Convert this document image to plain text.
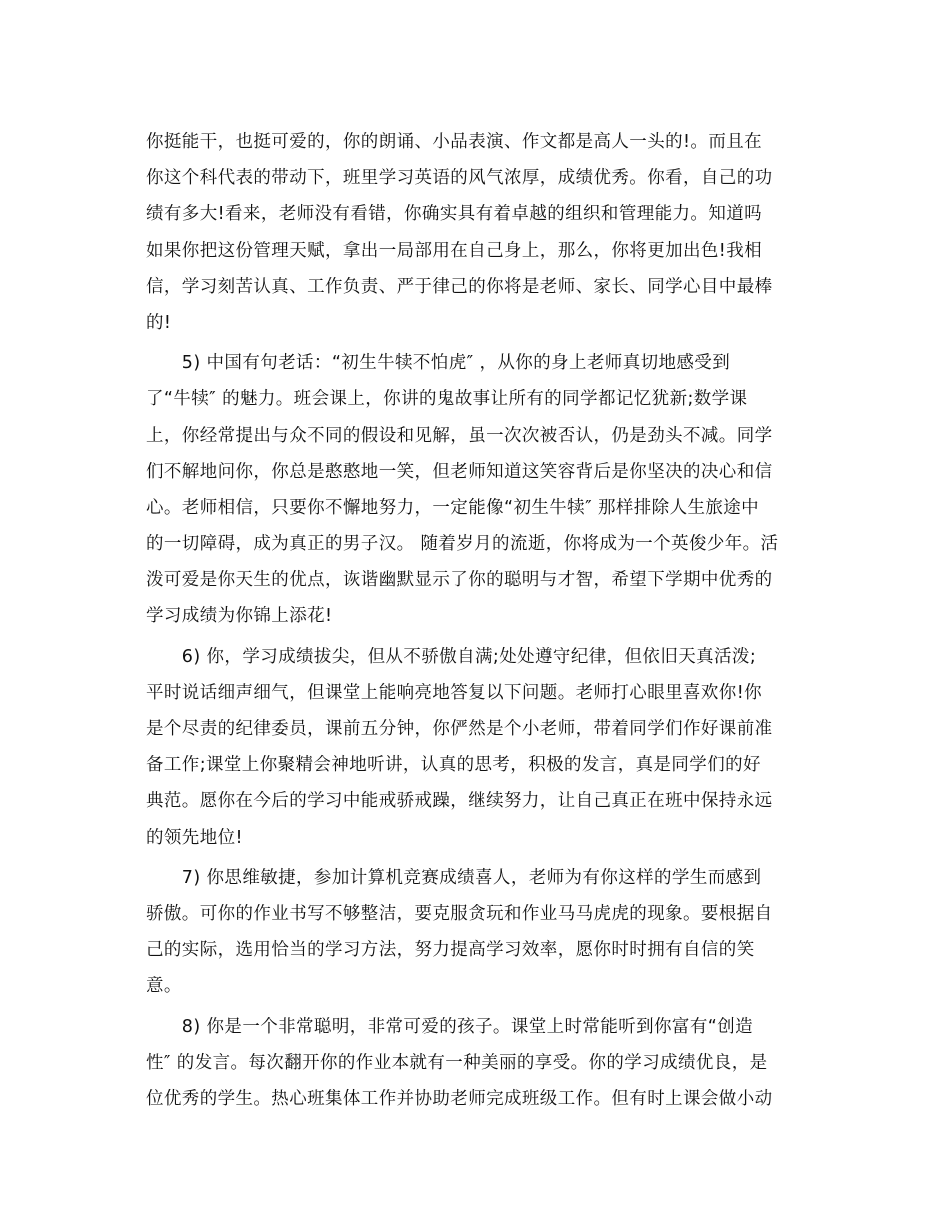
你挺能干，也挺可爱的，你的朗诵、小品表演、作文都是高人一头的!。而且在
你这个科代表的带动下，班里学习英语的风气浓厚，成绩优秀。你看，自己的功
绩有多大!看来，老师没有看错，你确实具有着卓越的组织和管理能力。知道吗
如果你把这份管理天赋，拿出一局部用在自己身上，那么，你将更加出色!我相
信，学习刻苦认真、工作负责、严于律己的你将是老师、家长、同学心目中最棒
的!
　　5) 中国有句老话：“初生牛犊不怕虎″ ，从你的身上老师真切地感受到
了“牛犊″ 的魅力。班会课上，你讲的鬼故事让所有的同学都记忆犹新;数学课
上，你经常提出与众不同的假设和见解，虽一次次被否认，仍是劲头不减。同学
们不解地问你，你总是憨憨地一笑，但老师知道这笑容背后是你坚决的决心和信
心。老师相信，只要你不懈地努力，一定能像“初生牛犊″ 那样排除人生旅途中
的一切障碍，成为真正的男子汉。 随着岁月的流逝，你将成为一个英俊少年。活
泼可爱是你天生的优点，诙谐幽默显示了你的聪明与才智，希望下学期中优秀的
学习成绩为你锦上添花!
　　6) 你，学习成绩拔尖，但从不骄傲自满;处处遵守纪律，但依旧天真活泼;
平时说话细声细气，但课堂上能响亮地答复以下问题。老师打心眼里喜欢你!你
是个尽责的纪律委员，课前五分钟，你俨然是个小老师，带着同学们作好课前准
备工作;课堂上你聚精会神地听讲，认真的思考，积极的发言，真是同学们的好
典范。愿你在今后的学习中能戒骄戒躁，继续努力，让自己真正在班中保持永远
的领先地位!
　　7) 你思维敏捷，参加计算机竞赛成绩喜人，老师为有你这样的学生而感到
骄傲。可你的作业书写不够整洁，要克服贪玩和作业马马虎虎的现象。要根据自
己的实际，选用恰当的学习方法，努力提高学习效率，愿你时时拥有自信的笑
意。
　　8) 你是一个非常聪明，非常可爱的孩子。课堂上时常能听到你富有“创造
性″ 的发言。每次翻开你的作业本就有一种美丽的享受。你的学习成绩优良，是
位优秀的学生。热心班集体工作并协助老师完成班级工作。但有时上课会做小动
